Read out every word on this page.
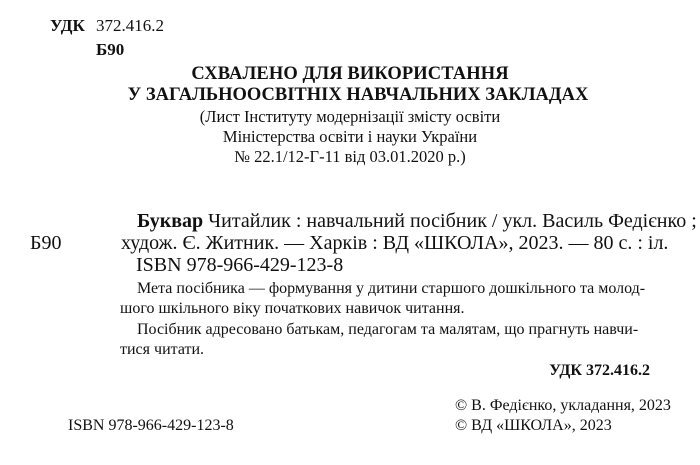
УДК 372.416.2
Б90
СХВАЛЕНО ДЛЯ ВИКОРИСТАННЯ
У ЗАГАЛЬНООСВІТНІХ НАВЧАЛЬНИХ ЗАКЛАДАХ
(Лист Інституту модернізації змісту освіти
Міністерства освіти і науки України
№ 22.1/12-Г-11 від 03.01.2020 р.)
Б90
Буквар Читайлик : навчальний посібник / укл. Василь Федієнко ;
худож. Є. Житник. — Харків : ВД «ШКОЛА», 2023. — 80 с. : іл.
ISBN 978-966-429-123-8
Мета посібника — формування у дитини старшого дошкільного та молод-
шого шкільного віку початкових навичок читання.
Посібник адресовано батькам, педагогам та малятам, що прагнуть навчи-
тися читати.
УДК 372.416.2
© В. Федієнко, укладання, 2023
© ВД «ШКОЛА», 2023
ISBN 978-966-429-123-8
